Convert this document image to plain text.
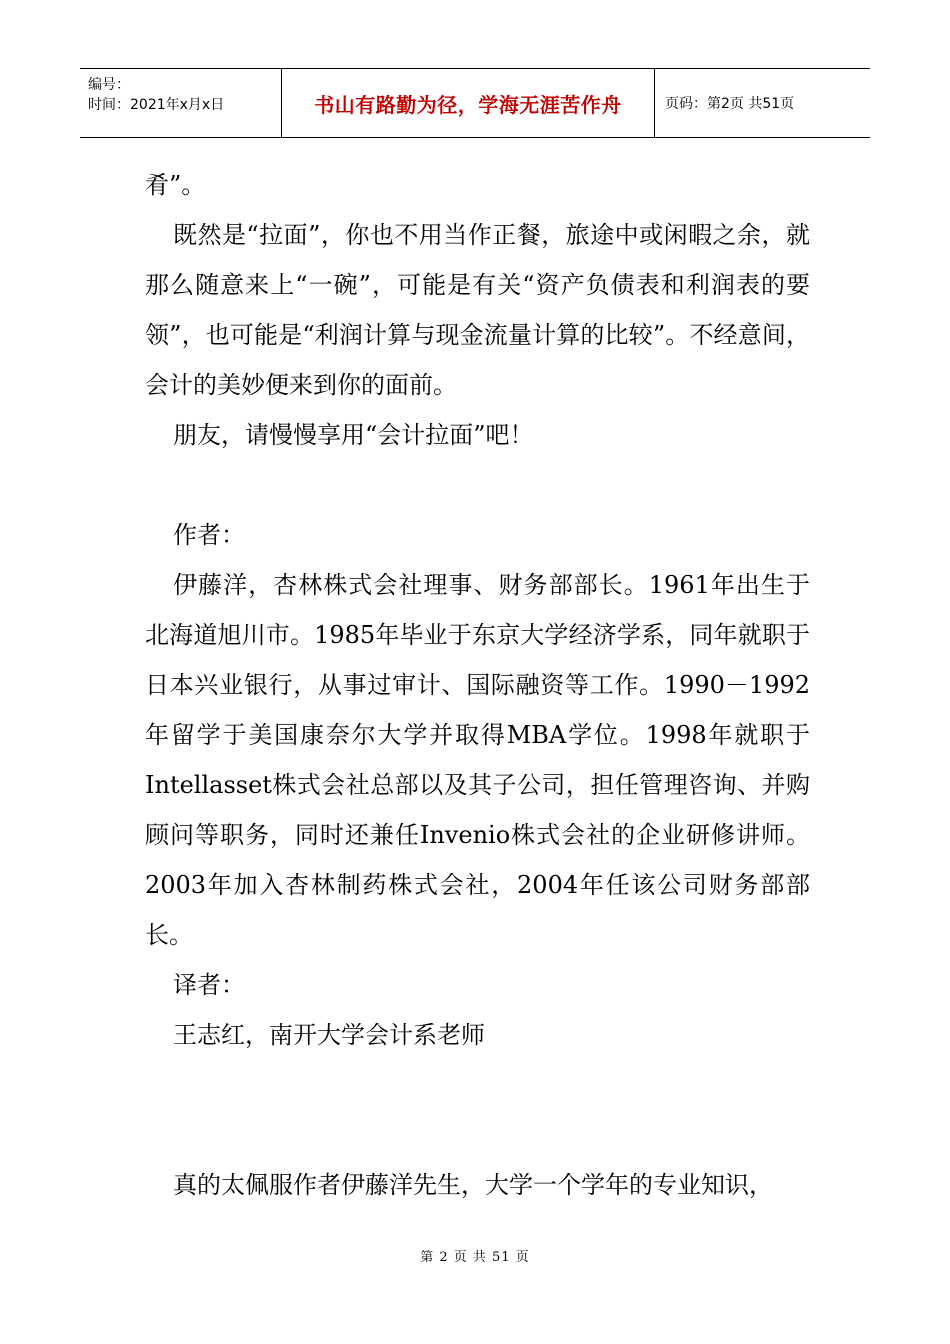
编号：
时间：2021年x月x日	书山有路勤为径，学海无涯苦作舟	页码：第2页 共51页

肴”。

既然是“拉面”，你也不用当作正餐，旅途中或闲暇之余，就那么随意来上“一碗”，可能是有关“资产负债表和利润表的要领”，也可能是“利润计算与现金流量计算的比较”。不经意间，会计的美妙便来到你的面前。

朋友，请慢慢享用“会计拉面”吧！

作者：

伊藤洋，杏林株式会社理事、财务部部长。1961年出生于北海道旭川市。1985年毕业于东京大学经济学系，同年就职于日本兴业银行，从事过审计、国际融资等工作。1990－1992年留学于美国康奈尔大学并取得MBA学位。1998年就职于Intellasset株式会社总部以及其子公司，担任管理咨询、并购顾问等职务，同时还兼任Invenio株式会社的企业研修讲师。2003年加入杏林制药株式会社，2004年任该公司财务部部长。

译者：

王志红，南开大学会计系老师

真的太佩服作者伊藤洋先生，大学一个学年的专业知识，

第 2 页 共 51 页
